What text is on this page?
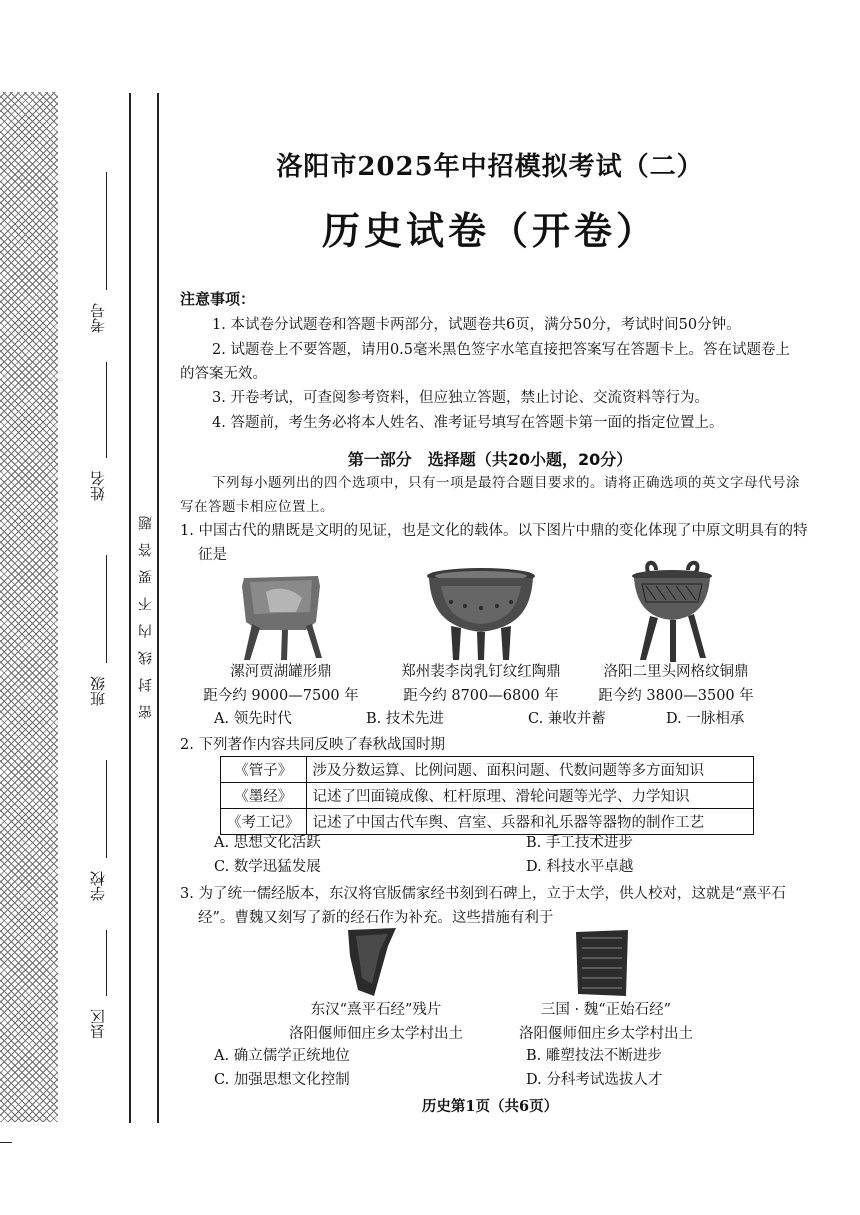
考号
姓名
班级
学校
县区
密封线内不要答题
洛阳市2025年中招模拟考试（二）
历史试卷（开卷）
注意事项：
1. 本试卷分试题卷和答题卡两部分，试题卷共6页，满分50分，考试时间50分钟。
2. 试题卷上不要答题，请用0.5毫米黑色签字水笔直接把答案写在答题卡上。答在试题卷上的答案无效。
3. 开卷考试，可查阅参考资料，但应独立答题，禁止讨论、交流资料等行为。
4. 答题前，考生务必将本人姓名、准考证号填写在答题卡第一面的指定位置上。
第一部分　选择题（共20小题，20分）
下列每小题列出的四个选项中，只有一项是最符合题目要求的。请将正确选项的英文字母代号涂写在答题卡相应位置上。
1. 中国古代的鼎既是文明的见证，也是文化的载体。以下图片中鼎的变化体现了中原文明具有的特征是
漯河贾湖罐形鼎
距今约 9000—7500 年
郑州裴李岗乳钉纹红陶鼎
距今约 8700—6800 年
洛阳二里头网格纹铜鼎
距今约 3800—3500 年
A. 领先时代	B. 技术先进	C. 兼收并蓄	D. 一脉相承
2. 下列著作内容共同反映了春秋战国时期
《管子》	涉及分数运算、比例问题、面积问题、代数问题等多方面知识
《墨经》	记述了凹面镜成像、杠杆原理、滑轮问题等光学、力学知识
《考工记》	记述了中国古代车舆、宫室、兵器和礼乐器等器物的制作工艺
A. 思想文化活跃	B. 手工技术进步
C. 数学迅猛发展	D. 科技水平卓越
3. 为了统一儒经版本，东汉将官版儒家经书刻到石碑上，立于太学，供人校对，这就是“熹平石经”。曹魏又刻写了新的经石作为补充。这些措施有利于
东汉“熹平石经”残片
洛阳偃师佃庄乡太学村出土
三国 · 魏“正始石经”
洛阳偃师佃庄乡太学村出土
A. 确立儒学正统地位	B. 雕塑技法不断进步
C. 加强思想文化控制	D. 分科考试选拔人才
历史第1页（共6页）
